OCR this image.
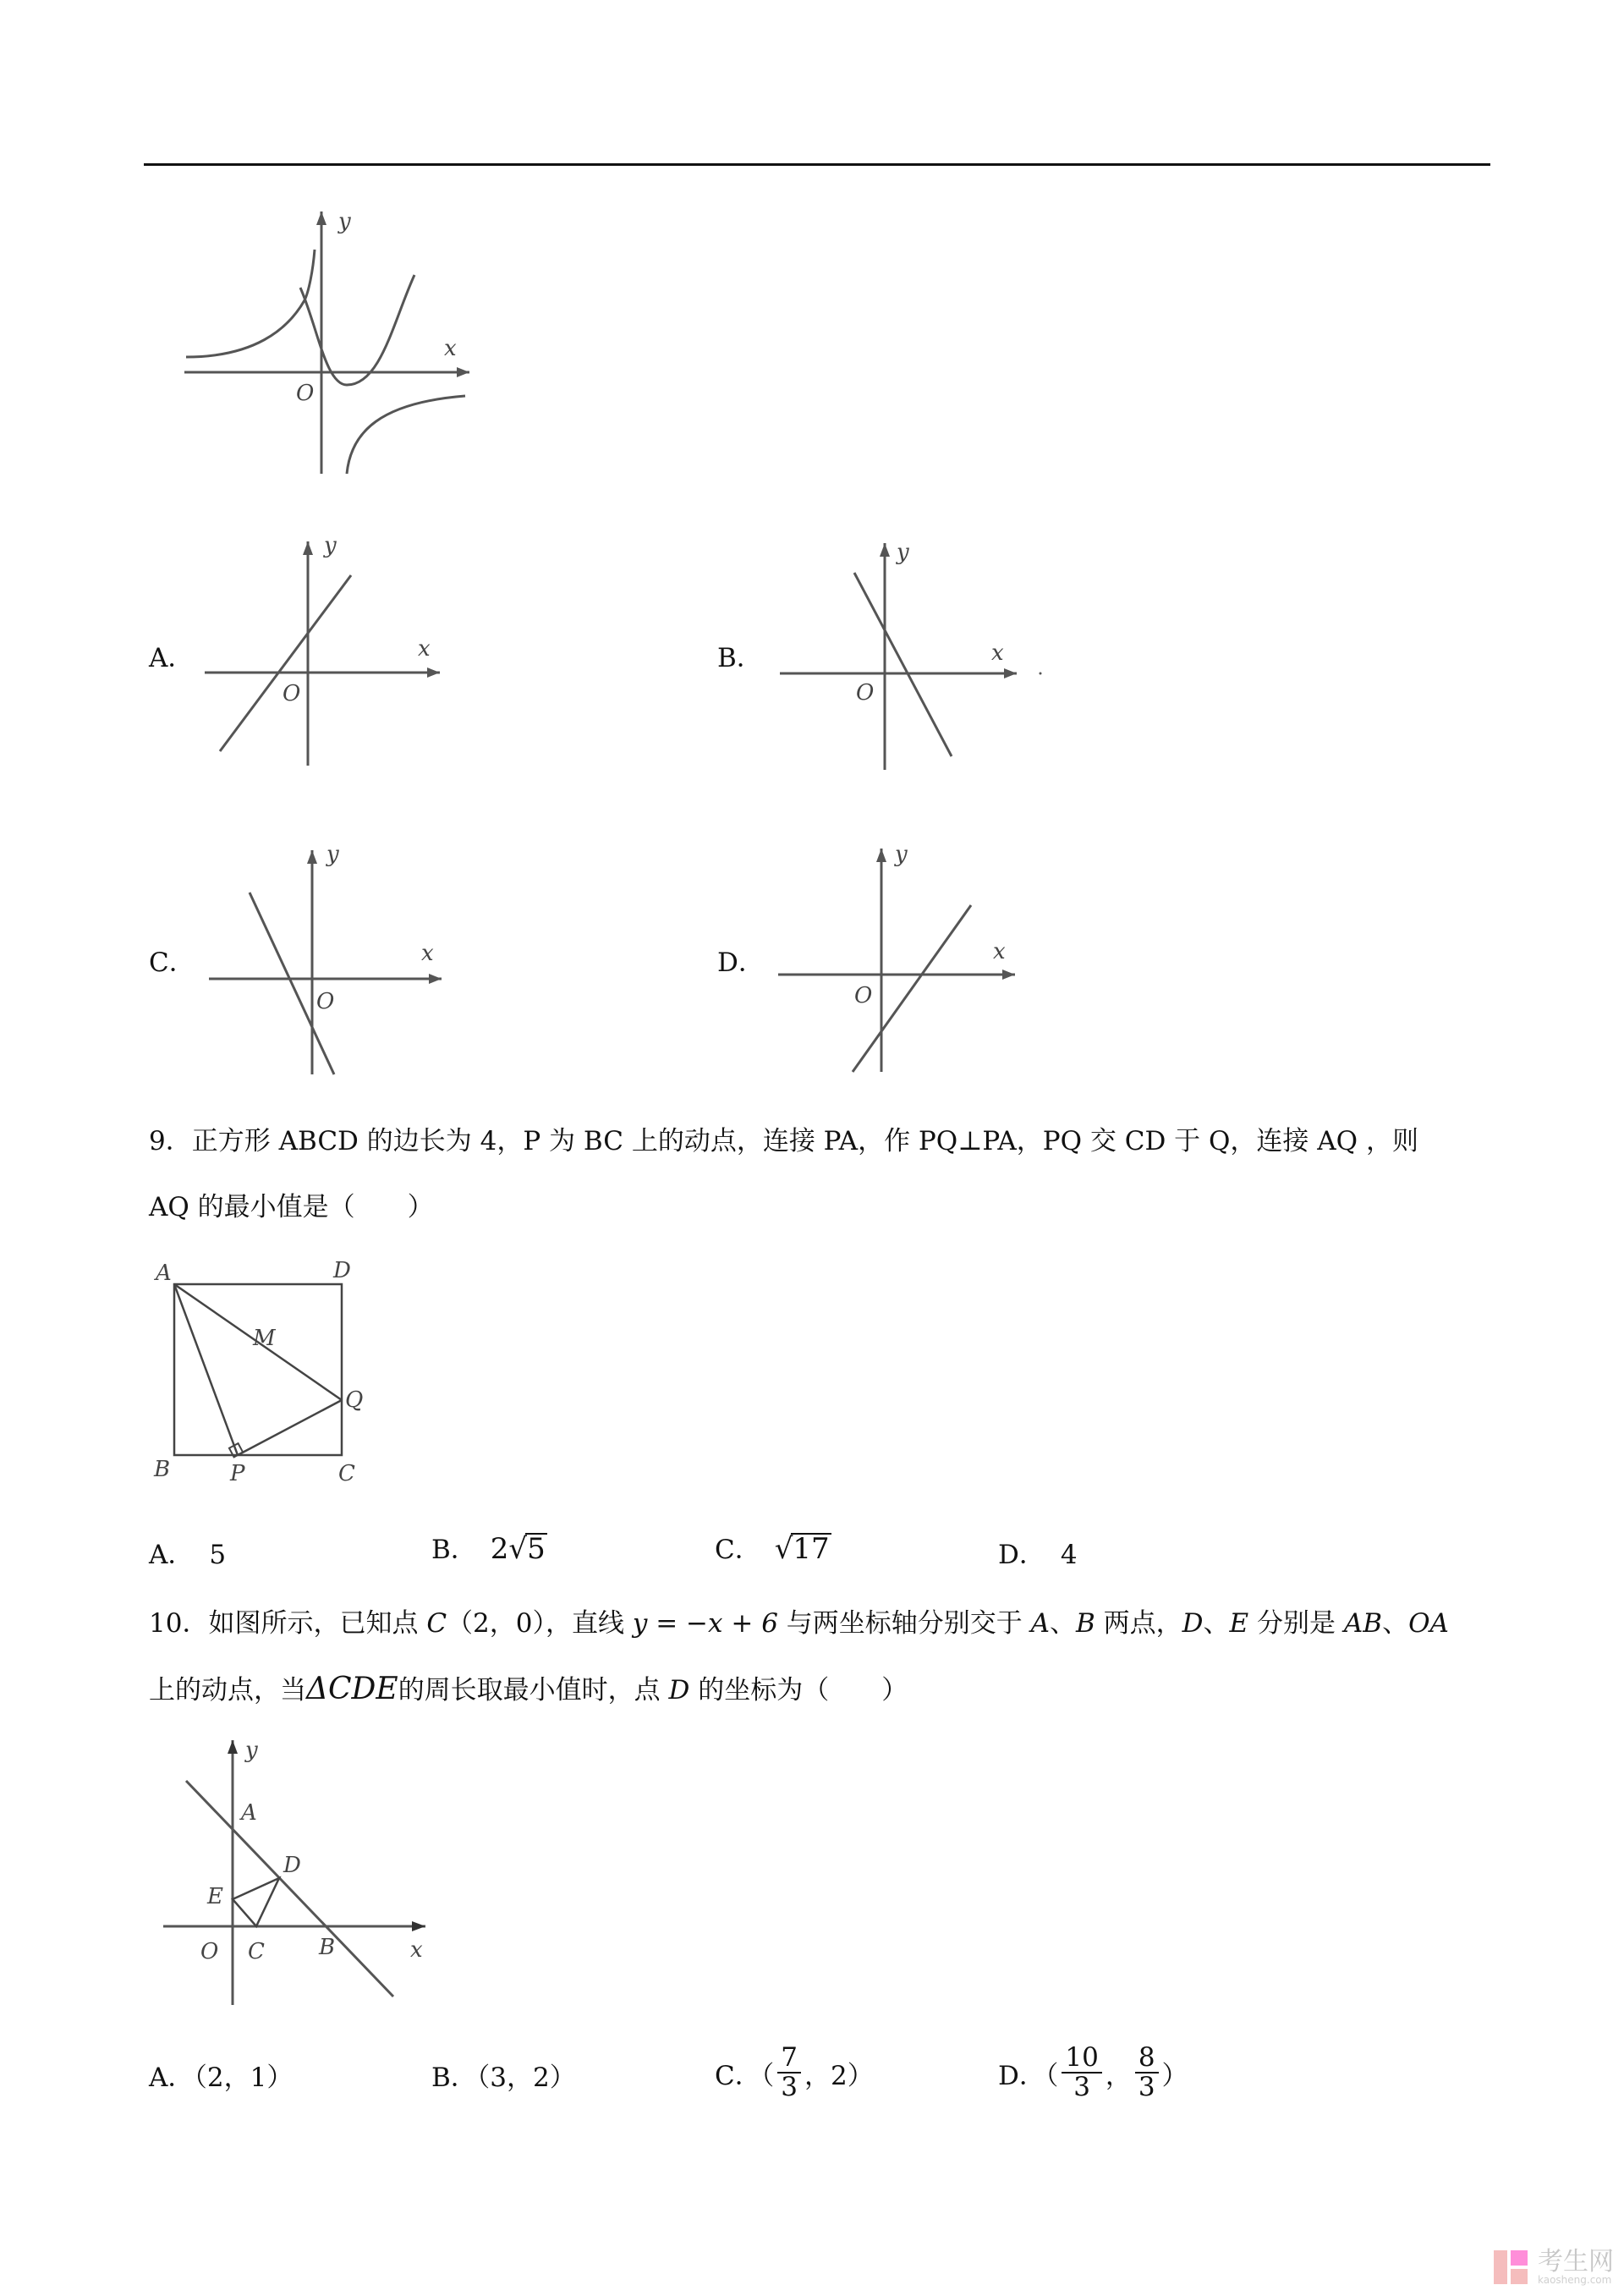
y
x
O
A．
y
x
O
B．
y
x
O
C．
y
x
O
D．
y
x
O
9．正方形 ABCD 的边长为 4，P 为 BC 上的动点，连接 PA，作 PQ⊥PA，PQ 交 CD 于 Q，连接 AQ ，则
AQ 的最小值是（　　）
A	D
M
Q
B	P	C
A． 5	B． 2√5	C． √17	D． 4
10．如图所示，已知点 C（2，0），直线 y = −x + 6 与两坐标轴分别交于 A、B 两点，D、E 分别是 AB、OA
上的动点，当ΔCDE的周长取最小值时，点 D 的坐标为（　　）
y
A
D
E
O C B	x
A．（2，1）	B．（3，2）	C．（ $\frac{7}{3}$ ，2）	D．（ $\frac{10}{3}$ ， $\frac{8}{3}$ ）
考生网
kaosheng.com
